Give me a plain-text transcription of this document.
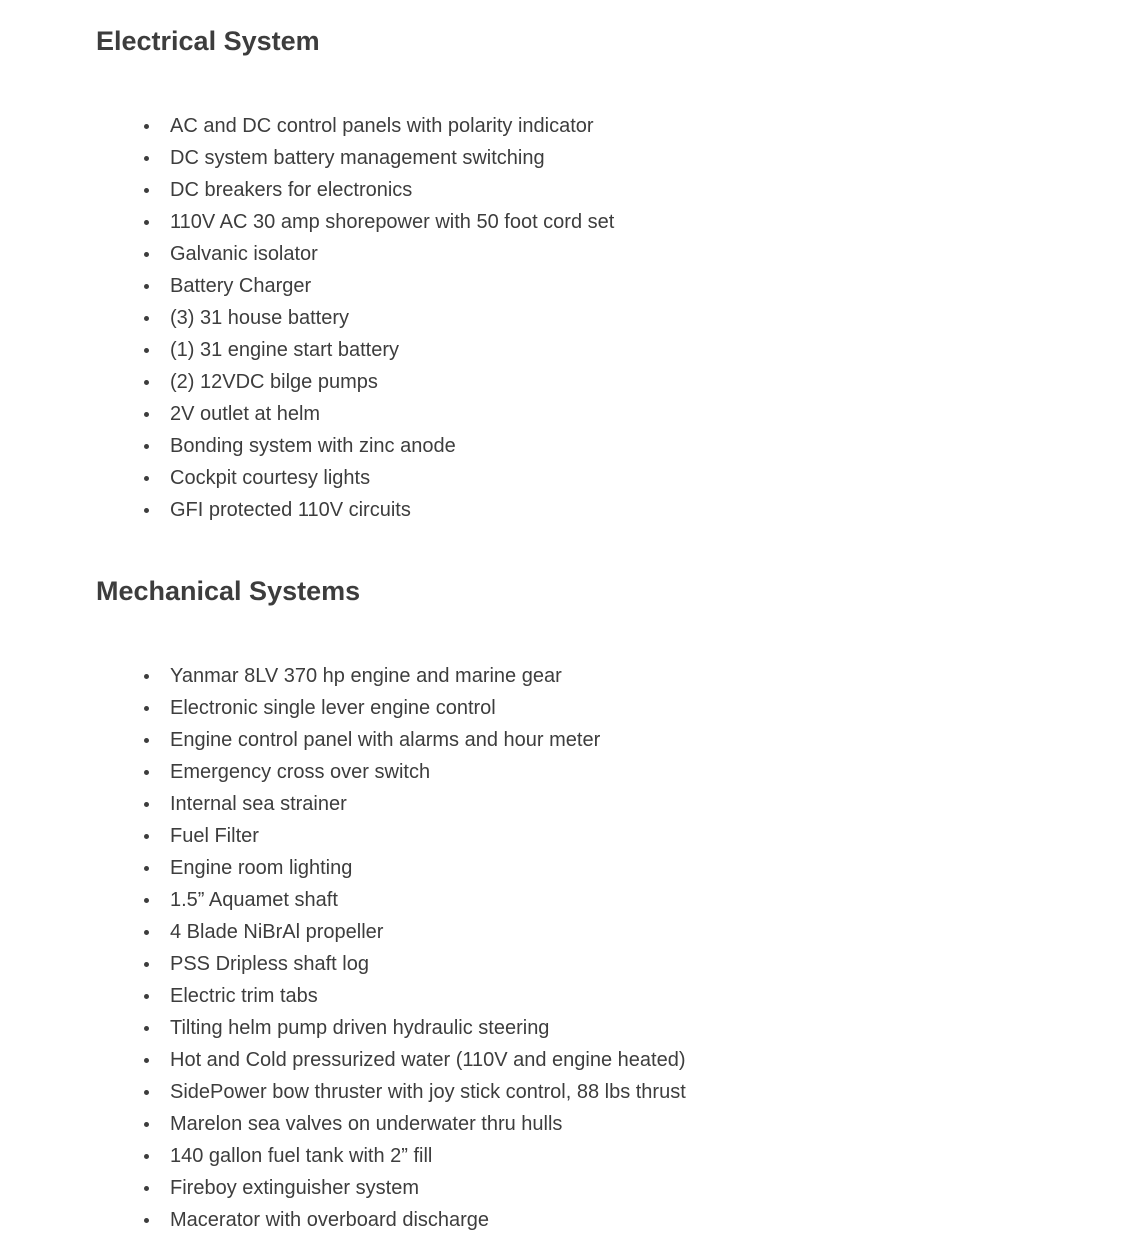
Electrical System
AC and DC control panels with polarity indicator
DC system battery management switching
DC breakers for electronics
110V AC 30 amp shorepower with 50 foot cord set
Galvanic isolator
Battery Charger
(3) 31 house battery
(1) 31 engine start battery
(2) 12VDC bilge pumps
2V outlet at helm
Bonding system with zinc anode
Cockpit courtesy lights
GFI protected 110V circuits
Mechanical Systems
Yanmar 8LV 370 hp engine and marine gear
Electronic single lever engine control
Engine control panel with alarms and hour meter
Emergency cross over switch
Internal sea strainer
Fuel Filter
Engine room lighting
1.5” Aquamet shaft
4 Blade NiBrAl propeller
PSS Dripless shaft log
Electric trim tabs
Tilting helm pump driven hydraulic steering
Hot and Cold pressurized water (110V and engine heated)
SidePower bow thruster with joy stick control, 88 lbs thrust
Marelon sea valves on underwater thru hulls
140 gallon fuel tank with 2” fill
Fireboy extinguisher system
Macerator with overboard discharge
